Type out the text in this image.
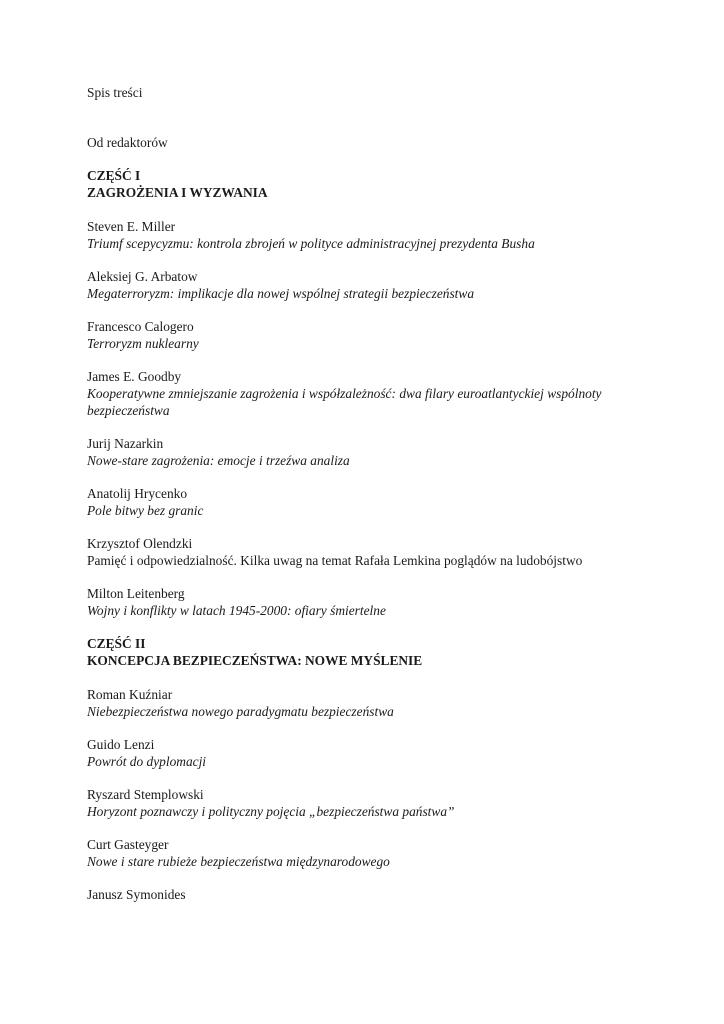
Spis treści

Od redaktorów

CZĘŚĆ I

ZAGROŻENIA I WYZWANIA

Steven E. Miller

Triumf scepycyzmu: kontrola zbrojeń w polityce administracyjnej prezydenta Busha

Aleksiej G. Arbatow

Megaterroryzm: implikacje dla nowej wspólnej strategii bezpieczeństwa

Francesco Calogero

Terroryzm nuklearny

James E. Goodby

Kooperatywne zmniejszanie zagrożenia i współzależność: dwa filary euroatlantyckiej wspólnoty bezpieczeństwa

Jurij Nazarkin

Nowe-stare zagrożenia: emocje i trzeźwa analiza

Anatolij Hrycenko

Pole bitwy bez granic

Krzysztof Olendzki

Pamięć i odpowiedzialność. Kilka uwag na temat Rafała Lemkina poglądów na ludobójstwo

Milton Leitenberg

Wojny i konflikty w latach 1945-2000: ofiary śmiertelne

CZĘŚĆ II

KONCEPCJA BEZPIECZEŃSTWA: NOWE MYŚLENIE

Roman Kuźniar

Niebezpieczeństwa nowego paradygmatu bezpieczeństwa

Guido Lenzi

Powrót do dyplomacji

Ryszard Stemplowski

Horyzont poznawczy i polityczny pojęcia „bezpieczeństwa państwa”

Curt Gasteyger

Nowe i stare rubieże bezpieczeństwa międzynarodowego

Janusz Symonides
